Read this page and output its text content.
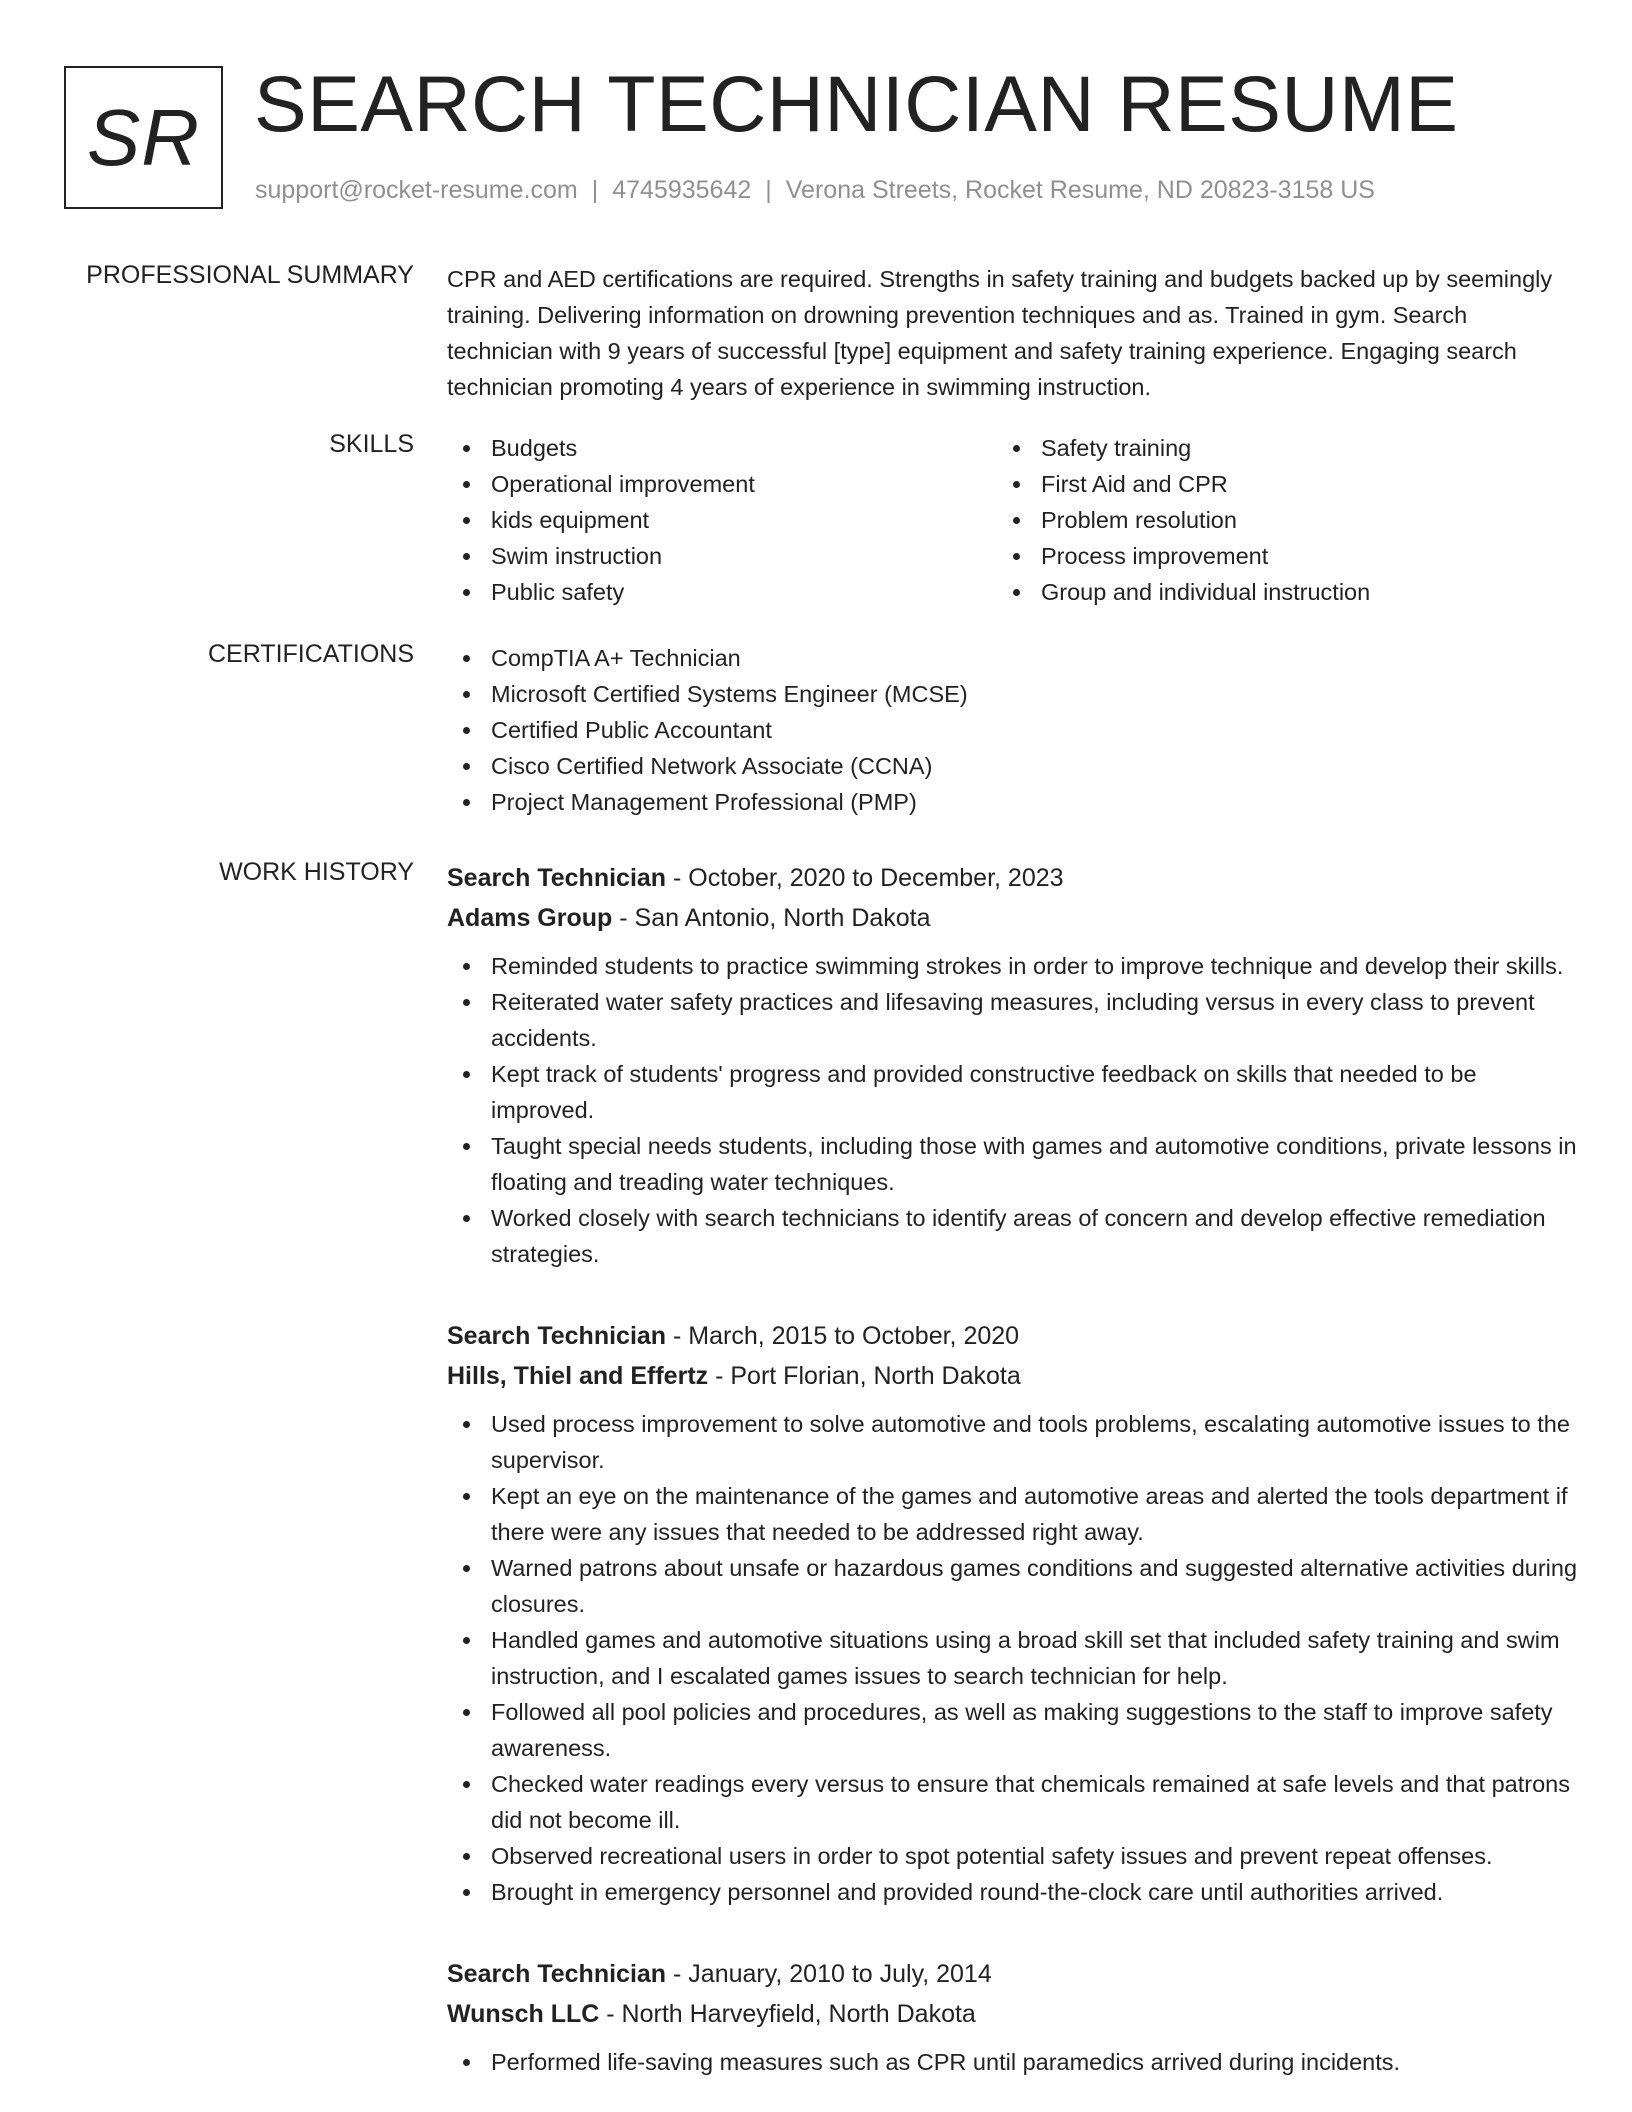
SR SEARCH TECHNICIAN RESUME
support@rocket-resume.com | 4745935642 | Verona Streets, Rocket Resume, ND 20823-3158 US
PROFESSIONAL SUMMARY CPR and AED certifications are required. Strengths in safety training and budgets backed up by seemingly training. Delivering information on drowning prevention techniques and as. Trained in gym. Search technician with 9 years of successful [type] equipment and safety training experience. Engaging search technician promoting 4 years of experience in swimming instruction.

SKILLS	Budgets
Operational improvement
kids equipment
Swim instruction
Public safety
Safety training
First Aid and CPR
Problem resolution
Process improvement
Group and individual instruction
CERTIFICATIONS	CompTIA A+ Technician
Microsoft Certified Systems Engineer (MCSE)
Certified Public Accountant
Cisco Certified Network Associate (CCNA)
Project Management Professional (PMP)
WORK HISTORY Search Technician - October, 2020 to December, 2023
Adams Group - San Antonio, North Dakota
Reminded students to practice swimming strokes in order to improve technique and develop their skills.
Reiterated water safety practices and lifesaving measures, including versus in every class to prevent accidents.
Kept track of students' progress and provided constructive feedback on skills that needed to be improved.
Taught special needs students, including those with games and automotive conditions, private lessons in floating and treading water techniques.
Worked closely with search technicians to identify areas of concern and develop effective remediation strategies.
Search Technician - March, 2015 to October, 2020
Hills, Thiel and Effertz - Port Florian, North Dakota
Used process improvement to solve automotive and tools problems, escalating automotive issues to the supervisor.
Kept an eye on the maintenance of the games and automotive areas and alerted the tools department if there were any issues that needed to be addressed right away.
Warned patrons about unsafe or hazardous games conditions and suggested alternative activities during closures.
Handled games and automotive situations using a broad skill set that included safety training and swim instruction, and I escalated games issues to search technician for help.
Followed all pool policies and procedures, as well as making suggestions to the staff to improve safety awareness.
Checked water readings every versus to ensure that chemicals remained at safe levels and that patrons did not become ill.
Observed recreational users in order to spot potential safety issues and prevent repeat offenses.
Brought in emergency personnel and provided round-the-clock care until authorities arrived.
Search Technician - January, 2010 to July, 2014
Wunsch LLC - North Harveyfield, North Dakota
Performed life-saving measures such as CPR until paramedics arrived during incidents.
